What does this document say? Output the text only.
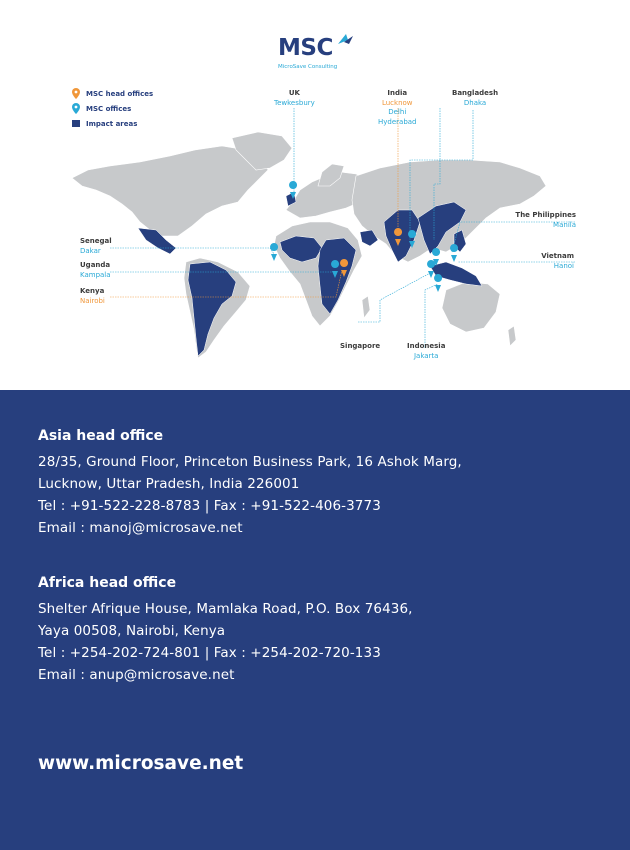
MSC
MicroSave Consulting
MSC head offices
MSC offices
Impact areas
UK
Tewkesbury
India
Lucknow
Delhi
Hyderabad
Bangladesh
Dhaka
The Philippines
Manila
Vietnam
Hanoi
Senegal
Dakar
Uganda
Kampala
Kenya
Nairobi
Singapore	Indonesia
Jakarta
Asia head office
28/35, Ground Floor, Princeton Business Park, 16 Ashok Marg,
Lucknow, Uttar Pradesh, India 226001
Tel : +91-522-228-8783 | Fax : +91-522-406-3773
Email : manoj@microsave.net
Africa head office
Shelter Afrique House, Mamlaka Road, P.O. Box 76436,
Yaya 00508, Nairobi, Kenya
Tel : +254-202-724-801 | Fax : +254-202-720-133
Email : anup@microsave.net
www.microsave.net
